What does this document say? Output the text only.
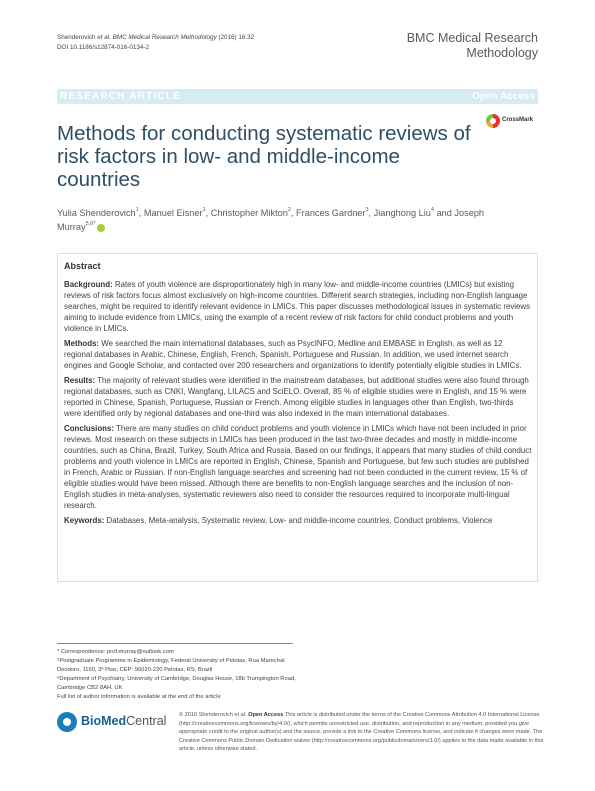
Shenderovich et al. BMC Medical Research Methodology (2016) 16:32
DOI 10.1186/s12874-016-0134-2
BMC Medical Research Methodology
RESEARCH ARTICLE	Open Access
Methods for conducting systematic reviews of risk factors in low- and middle-income countries
CrossMark
Yulia Shenderovich$^1$, Manuel Eisner$^1$, Christopher Mikton$^2$, Frances Gardner$^3$, Jianghong Liu$^4$ and Joseph Murray$^{5,6*}$
Abstract

Background: Rates of youth violence are disproportionately high in many low- and middle-income countries (LMICs) but existing reviews of risk factors focus almost exclusively on high-income countries. Different search strategies, including non-English language searches, might be required to identify relevant evidence in LMICs. This paper discusses methodological issues in systematic reviews aiming to include evidence from LMICs, using the example of a recent review of risk factors for child conduct problems and youth violence in LMICs.

Methods: We searched the main international databases, such as PsycINFO, Medline and EMBASE in English, as well as 12 regional databases in Arabic, Chinese, English, French, Spanish, Portuguese and Russian. In addition, we used internet search engines and Google Scholar, and contacted over 200 researchers and organizations to identify potentially eligible studies in LMICs.

Results: The majority of relevant studies were identified in the mainstream databases, but additional studies were also found through regional databases, such as CNKI, Wangfang, LILACS and SciELO. Overall, 85 % of eligible studies were in English, and 15 % were reported in Chinese, Spanish, Portuguese, Russian or French. Among eligible studies in languages other than English, two-thirds were identified only by regional databases and one-third was also indexed in the main international databases.

Conclusions: There are many studies on child conduct problems and youth violence in LMICs which have not been included in prior reviews. Most research on these subjects in LMICs has been produced in the last two-three decades and mostly in middle-income countries, such as China, Brazil, Turkey, South Africa and Russia. Based on our findings, it appears that many studies of child conduct problems and youth violence in LMICs are reported in English, Chinese, Spanish and Portuguese, but few such studies are published in French, Arabic or Russian. If non-English language searches and screening had not been conducted in the current review, 15 % of eligible studies would have been missed. Although there are benefits to non-English language searches and the inclusion of non-English studies in meta-analyses, systematic reviewers also need to consider the resources required to incorporate multi-lingual research.

Keywords: Databases, Meta-analysis, Systematic review, Low- and middle-income countries, Conduct problems, Violence

* Correspondence: prof.murray@outlook.com

⁵Postgraduate Programme in Epidemiology, Federal University of Pelotas, Rua Marechal Deodoro, 1160, 3º Piso, CEP: 96020-220 Pelotas, RS, Brazil

⁶Department of Psychiatry, University of Cambridge, Douglas House, 18b Trumpington Road, Cambridge CB2 8AH, UK

Full list of author information is available at the end of the article

BioMedCentral © 2016 Shenderovich et al. Open Access This article is distributed under the terms of the Creative Commons Attribution 4.0 International License (http://creativecommons.org/licenses/by/4.0/), which permits unrestricted use, distribution, and reproduction in any medium, provided you give appropriate credit to the original author(s) and the source, provide a link to the Creative Commons license, and indicate if changes were made. The Creative Commons Public Domain Dedication waiver (http://creativecommons.org/publicdomain/zero/1.0/) applies to the data made available in this article, unless otherwise stated.
